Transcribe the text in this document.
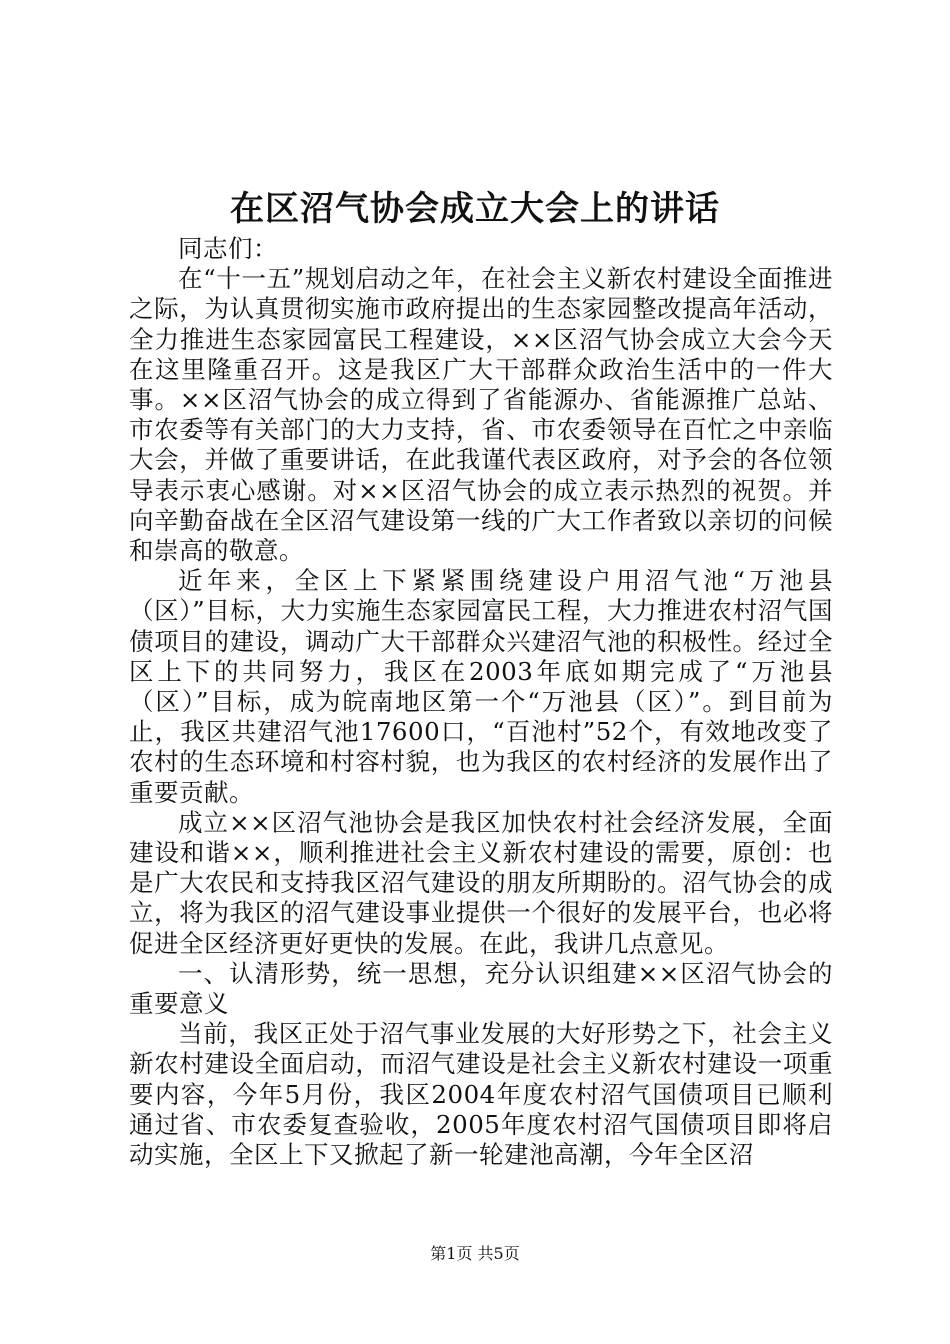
在区沼气协会成立大会上的讲话

同志们：

在“十一五”规划启动之年，在社会主义新农村建设全面推进之际，为认真贯彻实施市政府提出的生态家园整改提高年活动，全力推进生态家园富民工程建设，××区沼气协会成立大会今天在这里隆重召开。这是我区广大干部群众政治生活中的一件大事。××区沼气协会的成立得到了省能源办、省能源推广总站、市农委等有关部门的大力支持，省、市农委领导在百忙之中亲临大会，并做了重要讲话，在此我谨代表区政府，对予会的各位领导表示衷心感谢。对××区沼气协会的成立表示热烈的祝贺。并向辛勤奋战在全区沼气建设第一线的广大工作者致以亲切的问候和崇高的敬意。

近年来，全区上下紧紧围绕建设户用沼气池“万池县（区）”目标，大力实施生态家园富民工程，大力推进农村沼气国债项目的建设，调动广大干部群众兴建沼气池的积极性。经过全区上下的共同努力，我区在2003年底如期完成了“万池县（区）”目标，成为皖南地区第一个“万池县（区）”。到目前为止，我区共建沼气池17600口，“百池村”52个，有效地改变了农村的生态环境和村容村貌，也为我区的农村经济的发展作出了重要贡献。

成立××区沼气池协会是我区加快农村社会经济发展，全面建设和谐××，顺利推进社会主义新农村建设的需要，原创：也是广大农民和支持我区沼气建设的朋友所期盼的。沼气协会的成立，将为我区的沼气建设事业提供一个很好的发展平台，也必将促进全区经济更好更快的发展。在此，我讲几点意见。

一、认清形势，统一思想，充分认识组建××区沼气协会的重要意义

当前，我区正处于沼气事业发展的大好形势之下，社会主义新农村建设全面启动，而沼气建设是社会主义新农村建设一项重要内容，今年5月份，我区2004年度农村沼气国债项目已顺利通过省、市农委复查验收，2005年度农村沼气国债项目即将启动实施，全区上下又掀起了新一轮建池高潮，今年全区沼

第1页 共5页
